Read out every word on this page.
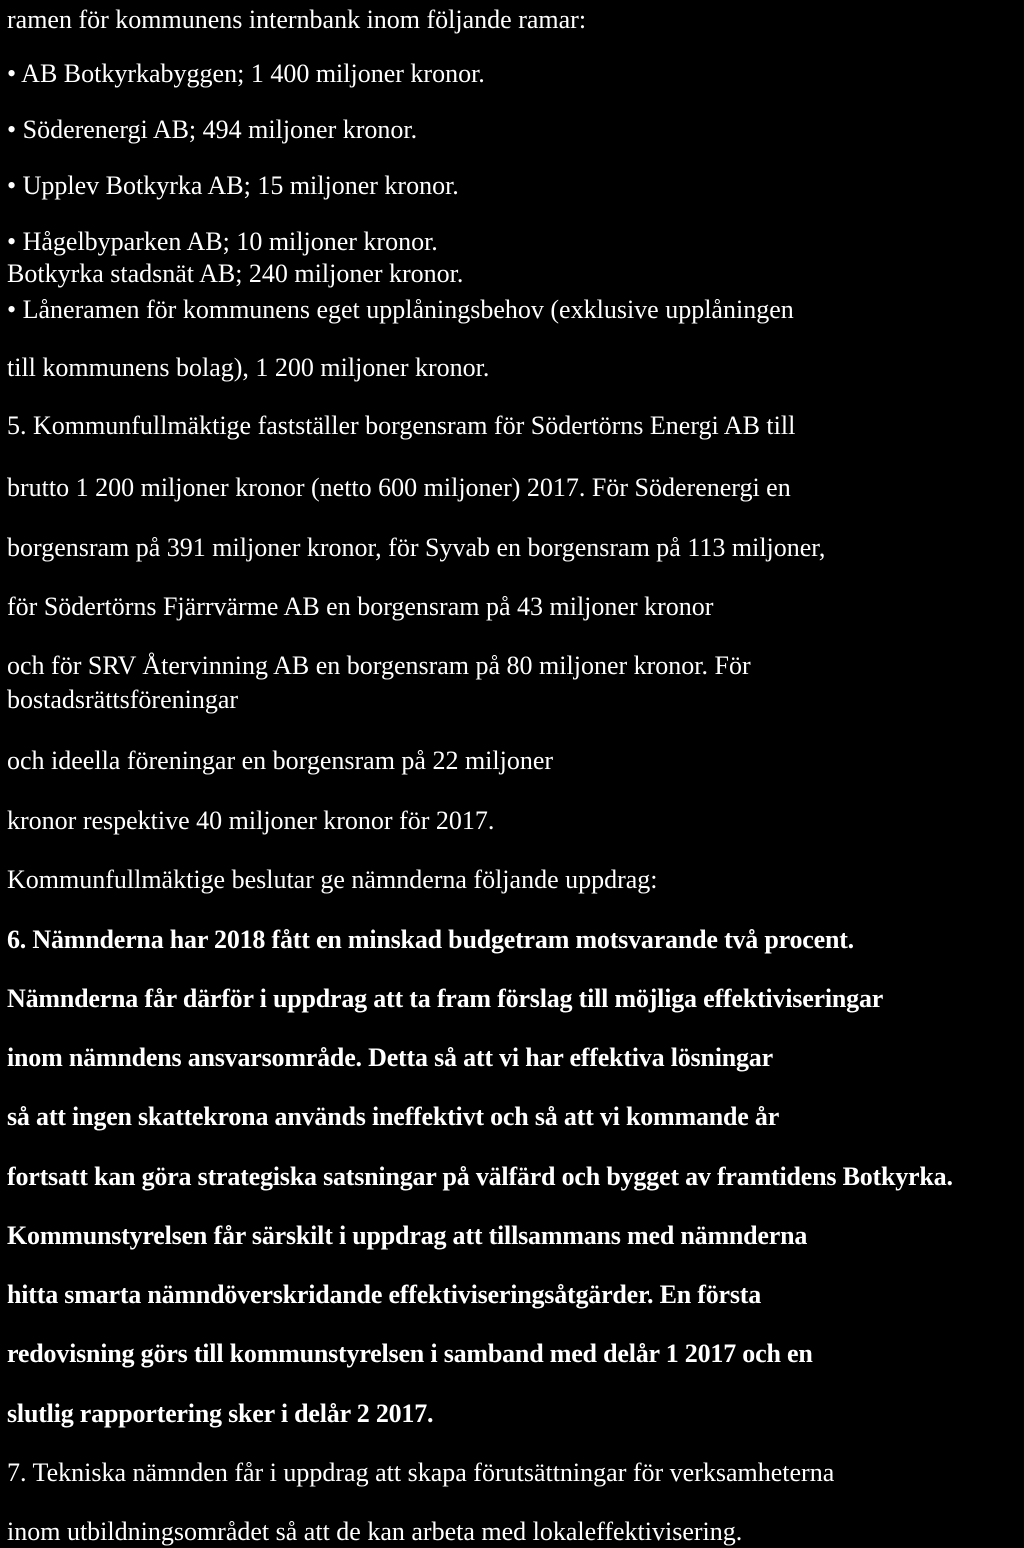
ramen för kommunens internbank inom följande ramar:
• AB Botkyrkabyggen; 1 400 miljoner kronor.
• Söderenergi AB; 494 miljoner kronor.
• Upplev Botkyrka AB; 15 miljoner kronor.
• Hågelbyparken AB; 10 miljoner kronor.
Botkyrka stadsnät AB; 240 miljoner kronor.
• Låneramen för kommunens eget upplåningsbehov (exklusive upplåningen
till kommunens bolag), 1 200 miljoner kronor.
5. Kommunfullmäktige fastställer borgensram för Södertörns Energi AB till
brutto 1 200 miljoner kronor (netto 600 miljoner) 2017. För Söderenergi en
borgensram på 391 miljoner kronor, för Syvab en borgensram på 113 miljoner,
för Södertörns Fjärrvärme AB en borgensram på 43 miljoner kronor
och för SRV Återvinning AB en borgensram på 80 miljoner kronor. För
bostadsrättsföreningar
och ideella föreningar en borgensram på 22 miljoner
kronor respektive 40 miljoner kronor för 2017.
Kommunfullmäktige beslutar ge nämnderna följande uppdrag:
6. Nämnderna har 2018 fått en minskad budgetram motsvarande två procent.
Nämnderna får därför i uppdrag att ta fram förslag till möjliga effektiviseringar
inom nämndens ansvarsområde. Detta så att vi har effektiva lösningar
så att ingen skattekrona används ineffektivt och så att vi kommande år
fortsatt kan göra strategiska satsningar på välfärd och bygget av framtidens Botkyrka.
Kommunstyrelsen får särskilt i uppdrag att tillsammans med nämnderna
hitta smarta nämndöverskridande effektiviseringsåtgärder. En första
redovisning görs till kommunstyrelsen i samband med delår 1 2017 och en
slutlig rapportering sker i delår 2 2017.
7. Tekniska nämnden får i uppdrag att skapa förutsättningar för verksamheterna
inom utbildningsområdet så att de kan arbeta med lokaleffektivisering.
